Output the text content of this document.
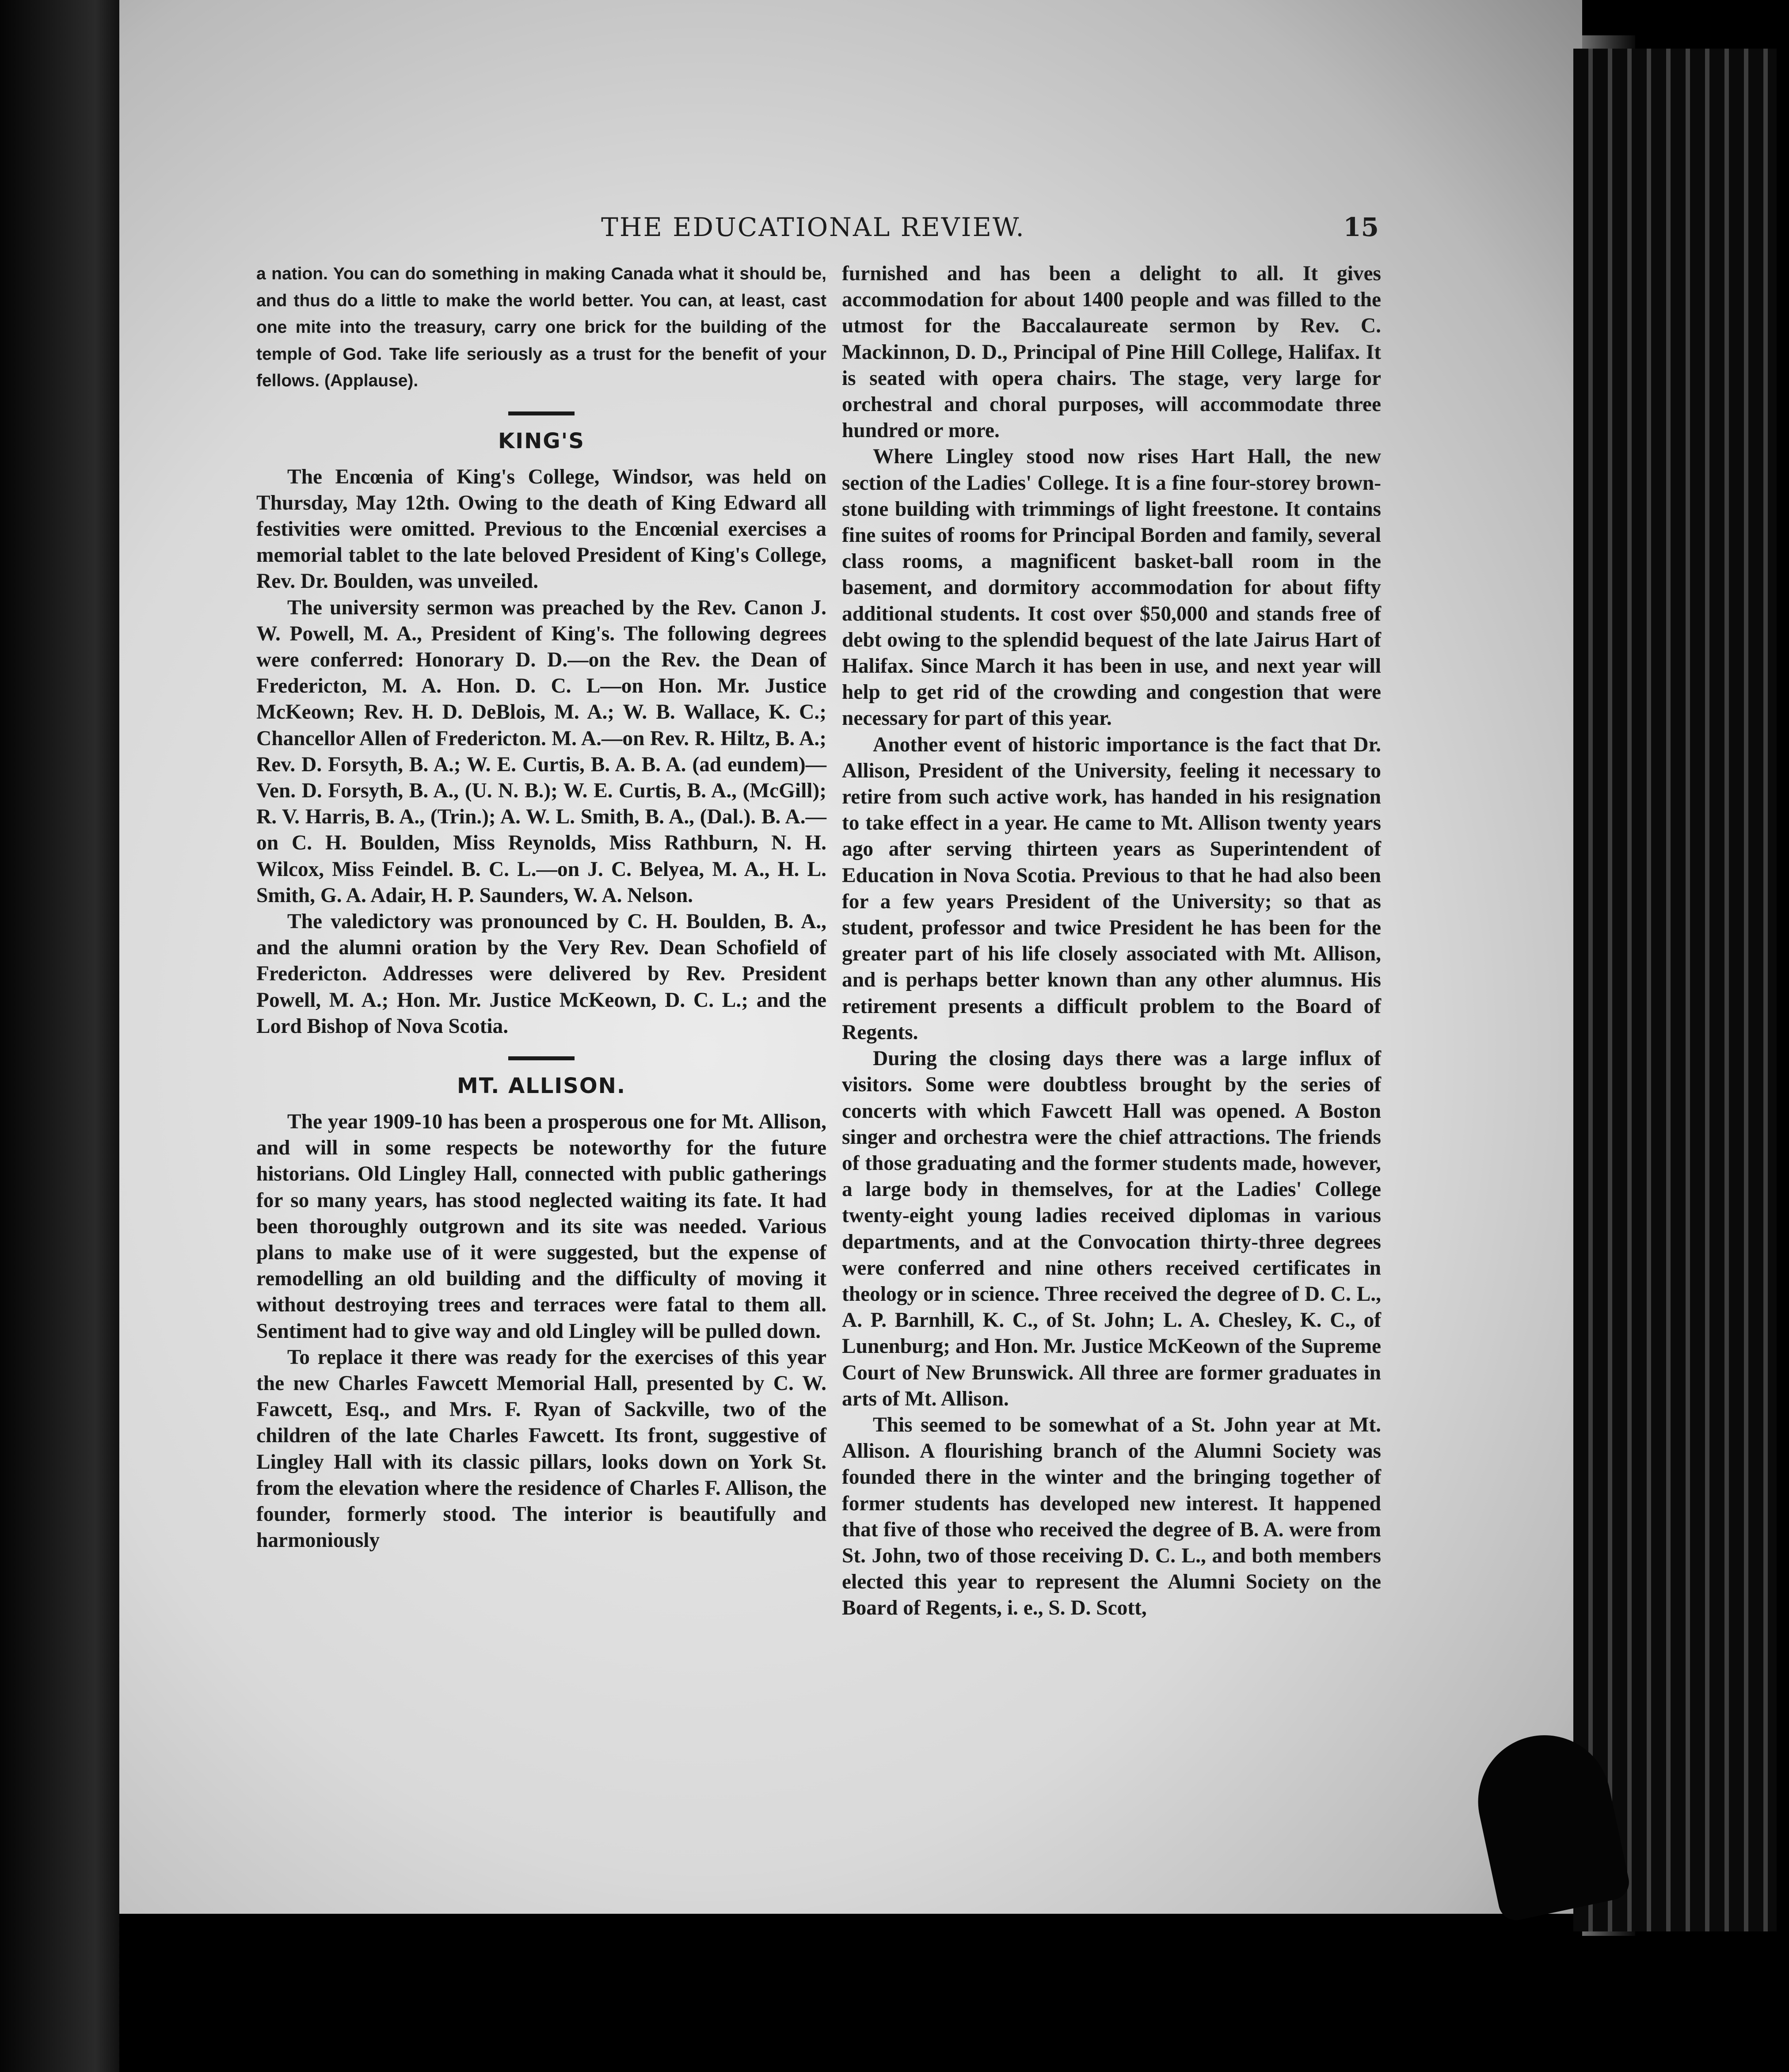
THE EDUCATIONAL REVIEW.	15

a nation. You can do something in making Canada what it should be, and thus do a little to make the world better. You can, at least, cast one mite into the treasury, carry one brick for the building of the temple of God. Take life seriously as a trust for the benefit of your fellows. (Applause).

KING'S

The Encœnia of King's College, Windsor, was held on Thursday, May 12th. Owing to the death of King Edward all festivities were omitted. Previous to the Encœnial exercises a memorial tablet to the late beloved President of King's College, Rev. Dr. Boulden, was unveiled.

The university sermon was preached by the Rev. Canon J. W. Powell, M. A., President of King's. The following degrees were conferred: Honorary D. D.—on the Rev. the Dean of Fredericton, M. A. Hon. D. C. L—on Hon. Mr. Justice McKeown; Rev. H. D. DeBlois, M. A.; W. B. Wallace, K. C.; Chancellor Allen of Fredericton. M. A.—on Rev. R. Hiltz, B. A.; Rev. D. Forsyth, B. A.; W. E. Curtis, B. A. B. A. (ad eundem)—Ven. D. Forsyth, B. A., (U. N. B.); W. E. Curtis, B. A., (McGill); R. V. Harris, B. A., (Trin.); A. W. L. Smith, B. A., (Dal.). B. A.—on C. H. Boulden, Miss Reynolds, Miss Rathburn, N. H. Wilcox, Miss Feindel. B. C. L.—on J. C. Belyea, M. A., H. L. Smith, G. A. Adair, H. P. Saunders, W. A. Nelson.

The valedictory was pronounced by C. H. Boulden, B. A., and the alumni oration by the Very Rev. Dean Schofield of Fredericton. Addresses were delivered by Rev. President Powell, M. A.; Hon. Mr. Justice McKeown, D. C. L.; and the Lord Bishop of Nova Scotia.

MT. ALLISON.

The year 1909-10 has been a prosperous one for Mt. Allison, and will in some respects be noteworthy for the future historians. Old Lingley Hall, connected with public gatherings for so many years, has stood neglected waiting its fate. It had been thoroughly outgrown and its site was needed. Various plans to make use of it were suggested, but the expense of remodelling an old building and the difficulty of moving it without destroying trees and terraces were fatal to them all. Sentiment had to give way and old Lingley will be pulled down.

To replace it there was ready for the exercises of this year the new Charles Fawcett Memorial Hall, presented by C. W. Fawcett, Esq., and Mrs. F. Ryan of Sackville, two of the children of the late Charles Fawcett. Its front, suggestive of Lingley Hall with its classic pillars, looks down on York St. from the elevation where the residence of Charles F. Allison, the founder, formerly stood. The interior is beautifully and harmoniously

furnished and has been a delight to all. It gives accommodation for about 1400 people and was filled to the utmost for the Baccalaureate sermon by Rev. C. Mackinnon, D. D., Principal of Pine Hill College, Halifax. It is seated with opera chairs. The stage, very large for orchestral and choral purposes, will accommodate three hundred or more.

Where Lingley stood now rises Hart Hall, the new section of the Ladies' College. It is a fine four-storey brown-stone building with trimmings of light freestone. It contains fine suites of rooms for Principal Borden and family, several class rooms, a magnificent basket-ball room in the basement, and dormitory accommodation for about fifty additional students. It cost over $50,000 and stands free of debt owing to the splendid bequest of the late Jairus Hart of Halifax. Since March it has been in use, and next year will help to get rid of the crowding and congestion that were necessary for part of this year.

Another event of historic importance is the fact that Dr. Allison, President of the University, feeling it necessary to retire from such active work, has handed in his resignation to take effect in a year. He came to Mt. Allison twenty years ago after serving thirteen years as Superintendent of Education in Nova Scotia. Previous to that he had also been for a few years President of the University; so that as student, professor and twice President he has been for the greater part of his life closely associated with Mt. Allison, and is perhaps better known than any other alumnus. His retirement presents a difficult problem to the Board of Regents.

During the closing days there was a large influx of visitors. Some were doubtless brought by the series of concerts with which Fawcett Hall was opened. A Boston singer and orchestra were the chief attractions. The friends of those graduating and the former students made, however, a large body in themselves, for at the Ladies' College twenty-eight young ladies received diplomas in various departments, and at the Convocation thirty-three degrees were conferred and nine others received certificates in theology or in science. Three received the degree of D. C. L., A. P. Barnhill, K. C., of St. John; L. A. Chesley, K. C., of Lunenburg; and Hon. Mr. Justice McKeown of the Supreme Court of New Brunswick. All three are former graduates in arts of Mt. Allison.

This seemed to be somewhat of a St. John year at Mt. Allison. A flourishing branch of the Alumni Society was founded there in the winter and the bringing together of former students has developed new interest. It happened that five of those who received the degree of B. A. were from St. John, two of those receiving D. C. L., and both members elected this year to represent the Alumni Society on the Board of Regents, i. e., S. D. Scott,
